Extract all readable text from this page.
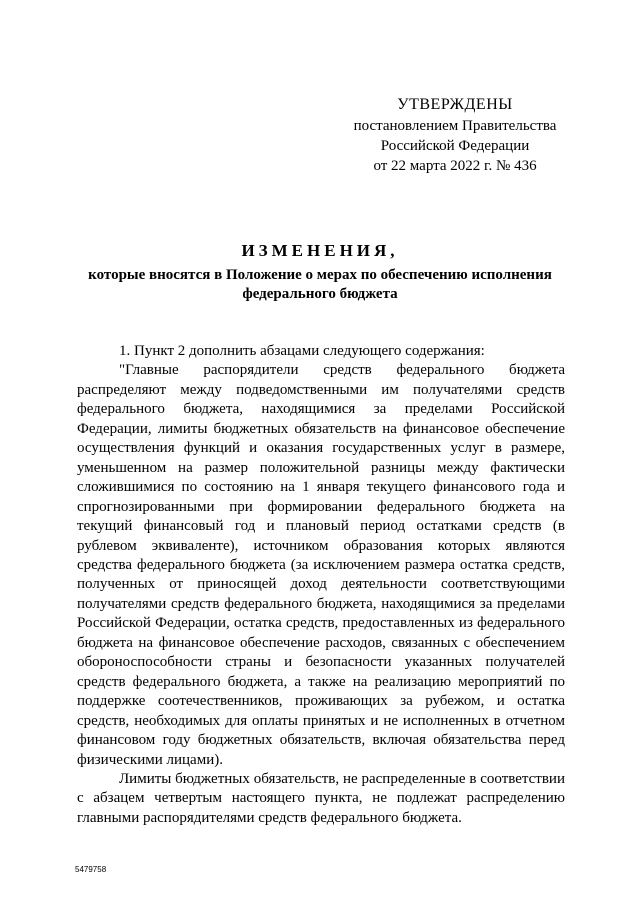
УТВЕРЖДЕНЫ
постановлением Правительства
Российской Федерации
от 22 марта 2022 г. № 436
ИЗМЕНЕНИЯ,
которые вносятся в Положение о мерах по обеспечению исполнения федерального бюджета

1. Пункт 2 дополнить абзацами следующего содержания:

"Главные распорядители средств федерального бюджета распределяют между подведомственными им получателями средств федерального бюджета, находящимися за пределами Российской Федерации, лимиты бюджетных обязательств на финансовое обеспечение осуществления функций и оказания государственных услуг в размере, уменьшенном на размер положительной разницы между фактически сложившимися по состоянию на 1 января текущего финансового года и спрогнозированными при формировании федерального бюджета на текущий финансовый год и плановый период остатками средств (в рублевом эквиваленте), источником образования которых являются средства федерального бюджета (за исключением размера остатка средств, полученных от приносящей доход деятельности соответствующими получателями средств федерального бюджета, находящимися за пределами Российской Федерации, остатка средств, предоставленных из федерального бюджета на финансовое обеспечение расходов, связанных с обеспечением обороноспособности страны и безопасности указанных получателей средств федерального бюджета, а также на реализацию мероприятий по поддержке соотечественников, проживающих за рубежом, и остатка средств, необходимых для оплаты принятых и не исполненных в отчетном финансовом году бюджетных обязательств, включая обязательства перед физическими лицами).

Лимиты бюджетных обязательств, не распределенные в соответствии с абзацем четвертым настоящего пункта, не подлежат распределению главными распорядителями средств федерального бюджета.

5479758
